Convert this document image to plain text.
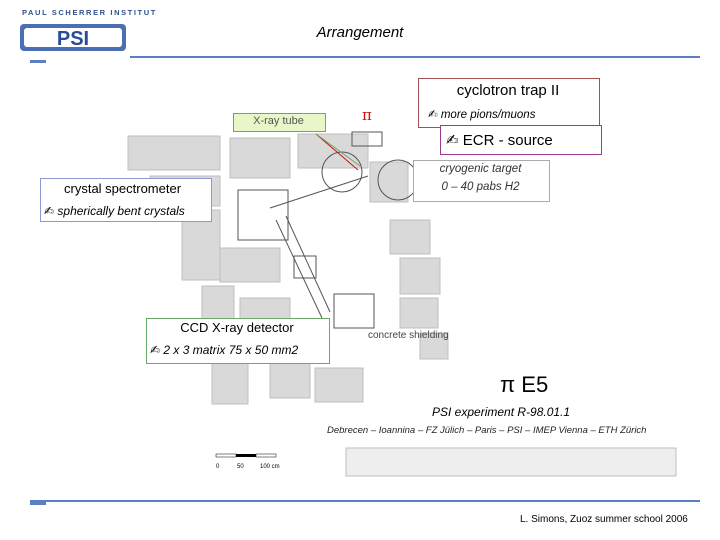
PAUL SCHERRER INSTITUT
PSI	Arrangement
concrete shielding
0	50	100 cm
cyclotron trap II
✍ more pions/muons
✍ ECR - source
X-ray tube	π
cryogenic target
0 – 40 pabs H2
crystal spectrometer
✍ spherically bent crystals
CCD X-ray detector
✍ 2 x 3 matrix 75 x 50 mm2
π E5
PSI experiment R-98.01.1
Debrecen – Ioannina – FZ Jülich – Paris – PSI – IMEP Vienna – ETH Zürich
L. Simons, Zuoz summer school 2006
